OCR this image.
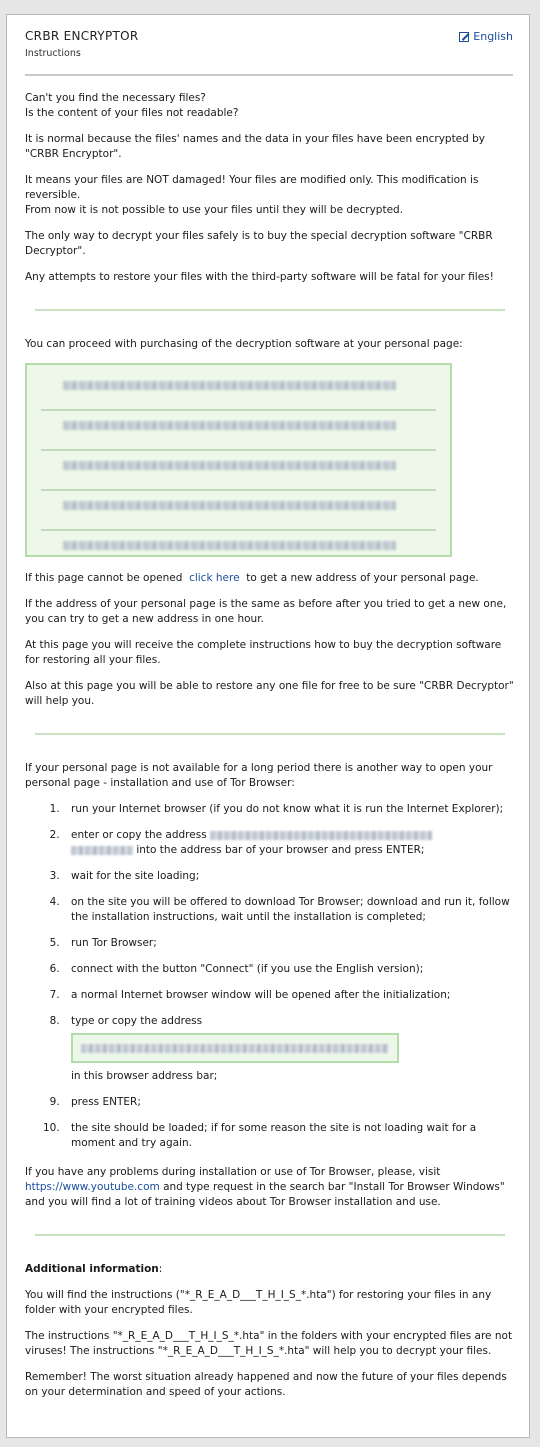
CRBR ENCRYPTOR
Instructions
English

Can't you find the necessary files?
Is the content of your files not readable?

It is normal because the files' names and the data in your files have been encrypted by "CRBR Encryptor".

It means your files are NOT damaged! Your files are modified only. This modification is reversible.
From now it is not possible to use your files until they will be decrypted.

The only way to decrypt your files safely is to buy the special decryption software "CRBR Decryptor".

Any attempts to restore your files with the third-party software will be fatal for your files!

You can proceed with purchasing of the decryption software at your personal page:

If this page cannot be opened click here to get a new address of your personal page.

If the address of your personal page is the same as before after you tried to get a new one, you can try to get a new address in one hour.

At this page you will receive the complete instructions how to buy the decryption software for restoring all your files.

Also at this page you will be able to restore any one file for free to be sure "CRBR Decryptor" will help you.

If your personal page is not available for a long period there is another way to open your personal page - installation and use of Tor Browser:

1. run your Internet browser (if you do not know what it is run the Internet Explorer);
2. enter or copy the address
into the address bar of your browser and press ENTER;
3. wait for the site loading;
4. on the site you will be offered to download Tor Browser; download and run it, follow the installation instructions, wait until the installation is completed;
5. run Tor Browser;
6. connect with the button "Connect" (if you use the English version);
7. a normal Internet browser window will be opened after the initialization;
8. type or copy the address
in this browser address bar;
9. press ENTER;
10. the site should be loaded; if for some reason the site is not loading wait for a moment and try again.

If you have any problems during installation or use of Tor Browser, please, visit https://www.youtube.com and type request in the search bar "Install Tor Browser Windows" and you will find a lot of training videos about Tor Browser installation and use.

Additional information:

You will find the instructions ("*_R_E_A_D___T_H_I_S_*.hta") for restoring your files in any folder with your encrypted files.

The instructions "*_R_E_A_D___T_H_I_S_*.hta" in the folders with your encrypted files are not viruses! The instructions "*_R_E_A_D___T_H_I_S_*.hta" will help you to decrypt your files.

Remember! The worst situation already happened and now the future of your files depends on your determination and speed of your actions.
